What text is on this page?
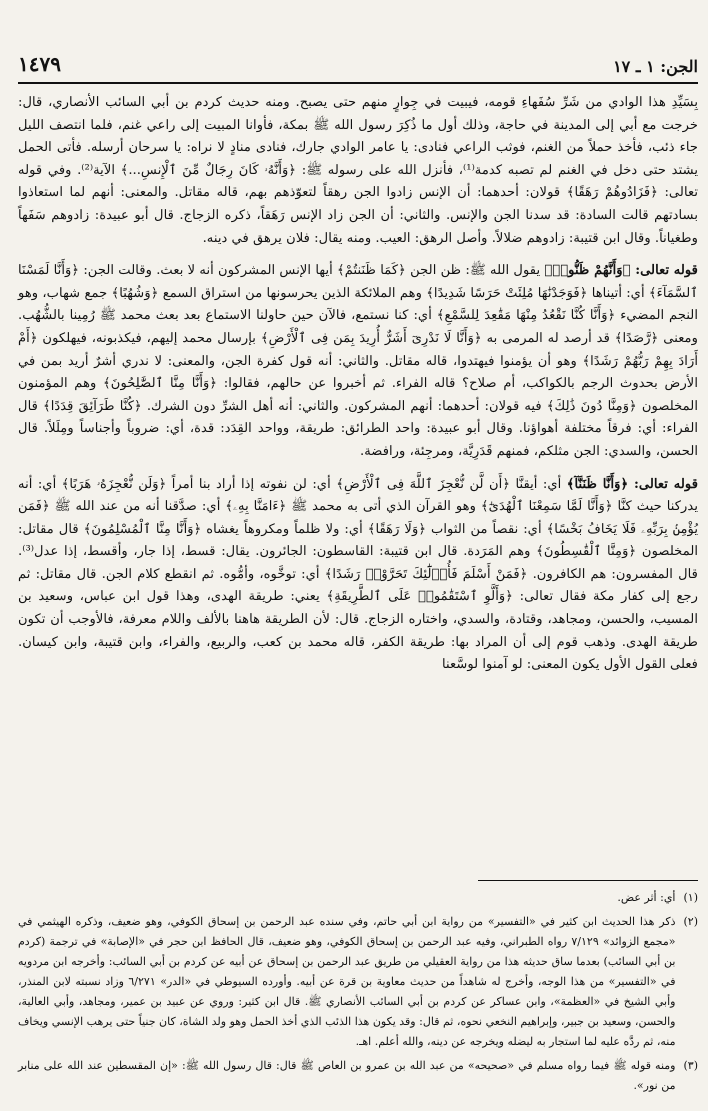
الجن: ١ ـ ١٧
١٤٧٩

بِسَيِّدِ هذا الوادي من شَرِّ سُفَهاءِ قومه، فيبيت في جِوارٍ منهم حتى يصبح. ومنه حديث كردم بن أبي السائب الأنصاري، قال: خرجت مع أبي إلى المدينة في حاجة، وذلك أول ما ذُكِرَ رسول الله ﷺ بمكة، فأوانا المبيت إلى راعي غنم، فلما انتصف الليل جاء ذئب، فأخذ حملاً من الغنم، فوثب الراعي فنادى: يا عامر الوادي جارك، فنادى منادٍ لا نراه: يا سرحان أرسله. فأتى الحمل يشتد حتى دخل في الغنم لم تصبه كدمة⁽¹⁾، فأنزل الله على رسوله ﷺ: ﴿وَأَنَّهُۥ كَانَ رِجَالٌ مِّنَ ٱلْإِنسِ...﴾ الآية⁽²⁾. وفي قوله تعالى: ﴿فَزَادُوهُمْ رَهَقًا﴾ قولان: أحدهما: أن الإنس زادوا الجن رهقاً لتعوّذهم بهم، قاله مقاتل. والمعنى: أنهم لما استعاذوا بسادتهم قالت السادة: قد سدنا الجن والإنس. والثاني: أن الجن زاد الإنس رَهَقاً، ذكره الزجاج. قال أبو عبيدة: زادوهم سَفَهاً وطغياناً. وقال ابن قتيبة: زادوهم ضلالاً. وأصل الرهق: العيب. ومنه يقال: فلان يرهق في دينه.

قوله تعالى: ﴿وَأَنَّهُمْ ظَنُّوا۟﴾ يقول الله ﷺ: ظن الجن ﴿كَمَا ظَنَنتُمْ﴾ أيها الإنس المشركون أنه لا بعث. وقالت الجن: ﴿وَأَنَّا لَمَسْنَا ٱلسَّمَآءَ﴾ أي: أتيناها ﴿فَوَجَدْنَٰهَا مُلِئَتْ حَرَسًا شَدِيدًا﴾ وهم الملائكة الذين يحرسونها من استراق السمع ﴿وَشُهُبًا﴾ جمع شهاب، وهو النجم المضيء ﴿وَأَنَّا كُنَّا نَقْعُدُ مِنْهَا مَقَٰعِدَ لِلسَّمْعِ﴾ أي: كنا نستمع، فالآن حين حاولنا الاستماع بعد بعث محمد ﷺ رُمِينا بالشُّهُب. ومعنى ﴿رَّصَدًا﴾ قد أرصد له المرمى به ﴿وَأَنَّا لَا نَدْرِىٓ أَشَرٌّ أُرِيدَ بِمَن فِى ٱلْأَرْضِ﴾ بإرسال محمد إليهم، فيكذبونه، فيهلكون ﴿أَمْ أَرَادَ بِهِمْ رَبُّهُمْ رَشَدًا﴾ وهو أن يؤمنوا فيهتدوا، قاله مقاتل. والثاني: أنه قول كفرة الجن، والمعنى: لا ندري أشرٌ أريد بمن في الأرض بحدوث الرجم بالكواكب، أم صلاح؟ قاله الفراء. ثم أخبروا عن حالهم، فقالوا: ﴿وَأَنَّا مِنَّا ٱلصَّٰلِحُونَ﴾ وهم المؤمنون المخلصون ﴿وَمِنَّا دُونَ ذَٰلِكَ﴾ فيه قولان: أحدهما: أنهم المشركون. والثاني: أنه أهل الشرِّ دون الشرك. ﴿كُنَّا طَرَآئِقَ قِدَدًا﴾ قال الفراء: أي: فرقاً مختلفة أهواؤنا. وقال أبو عبيدة: واحد الطرائق: طريقة، وواحد القِدَد: قدة، أي: ضروباً وأجناساً ومِلَلاً. قال الحسن، والسدي: الجن مثلكم، فمنهم قَدَرِيَّة، ومرجِئة، ورافضة.

قوله تعالى: ﴿وَأَنَّا ظَنَنَّآ﴾ أي: أيقنَّا ﴿أَن لَّن نُّعْجِزَ ٱللَّهَ فِى ٱلْأَرْضِ﴾ أي: لن نفوته إذا أراد بنا أمراً ﴿وَلَن نُّعْجِزَهُۥ هَرَبًا﴾ أي: أنه يدركنا حيث كنَّا ﴿وَأَنَّا لَمَّا سَمِعْنَا ٱلْهُدَىٰٓ﴾ وهو القرآن الذي أتى به محمد ﷺ ﴿ءَامَنَّا بِهِۦ﴾ أي: صدَّقنا أنه من عند الله ﷺ ﴿فَمَن يُؤْمِنۢ بِرَبِّهِۦ فَلَا يَخَافُ بَخْسًا﴾ أي: نقصاً من الثواب ﴿وَلَا رَهَقًا﴾ أي: ولا ظلماً ومكروهاً يغشاه ﴿وَأَنَّا مِنَّا ٱلْمُسْلِمُونَ﴾ قال مقاتل: المخلصون ﴿وَمِنَّا ٱلْقَٰسِطُونَ﴾ وهم المَرَدة. قال ابن قتيبة: القاسطون: الجائرون. يقال: قسط، إذا جار، وأقسط، إذا عدل⁽³⁾. قال المفسرون: هم الكافرون. ﴿فَمَنْ أَسْلَمَ فَأُو۟لَٰٓئِكَ تَحَرَّوْا۟ رَشَدًا﴾ أي: توخَّوه، وأمُّوه. ثم انقطع كلام الجن. قال مقاتل: ثم رجع إلى كفار مكة فقال تعالى: ﴿وَأَلَّوِ ٱسْتَقَٰمُوا۟ عَلَى ٱلطَّرِيقَةِ﴾ يعني: طريقة الهدى، وهذا قول ابن عباس، وسعيد بن المسيب، والحسن، ومجاهد، وقتادة، والسدي، واختاره الزجاج. قال: لأن الطريقة هاهنا بالألف واللام معرفة، فالأوجب أن تكون طريقة الهدى. وذهب قوم إلى أن المراد بها: طريقة الكفر، قاله محمد بن كعب، والربيع، والفراء، وابن قتيبة، وابن كيسان. فعلى القول الأول يكون المعنى: لو آمنوا لوسَّعنا

(١)
أي: أثر عض.
(٢)
ذكر هذا الحديث ابن كثير في «التفسير» من رواية ابن أبي حاتم، وفي سنده عبد الرحمن بن إسحاق الكوفي، وهو ضعيف، وذكره الهيثمي في «مجمع الزوائد» ٧/١٢٩ رواه الطبراني، وفيه عبد الرحمن بن إسحاق الكوفي، وهو ضعيف، قال الحافظ ابن حجر في «الإصابة» في ترجمة (كردم بن أبي السائب) بعدما ساق حديثه هذا من رواية العقيلي من طريق عبد الرحمن بن إسحاق عن أبيه عن كردم بن أبي السائب: وأخرجه ابن مردويه في «التفسير» من هذا الوجه، وأخرج له شاهداً من حديث معاوية بن قرة عن أبيه. وأورده السيوطي في «الدر» ٦/٢٧١ وزاد نسبته لابن المنذر، وأبي الشيخ في «العظمة»، وابن عساكر عن كردم بن أبي السائب الأنصاري ﷺ. قال ابن كثير: وروي عن عبيد بن عمير، ومجاهد، وأبي العالية، والحسن، وسعيد بن جبير، وإبراهيم النخعي نحوه، ثم قال: وقد يكون هذا الذئب الذي أخذ الحمل وهو ولد الشاة، كان جنياً حتى يرهب الإنسي ويخاف منه، ثم ردَّه عليه لما استجار به ليضله ويخرجه عن دينه، والله أعلم. اهـ.
(٣)
ومنه قوله ﷺ فيما رواه مسلم في «صحيحه» من عبد الله بن عمرو بن العاص ﷺ قال: قال رسول الله ﷺ: «إن المقسطين عند الله على منابر من نور».
